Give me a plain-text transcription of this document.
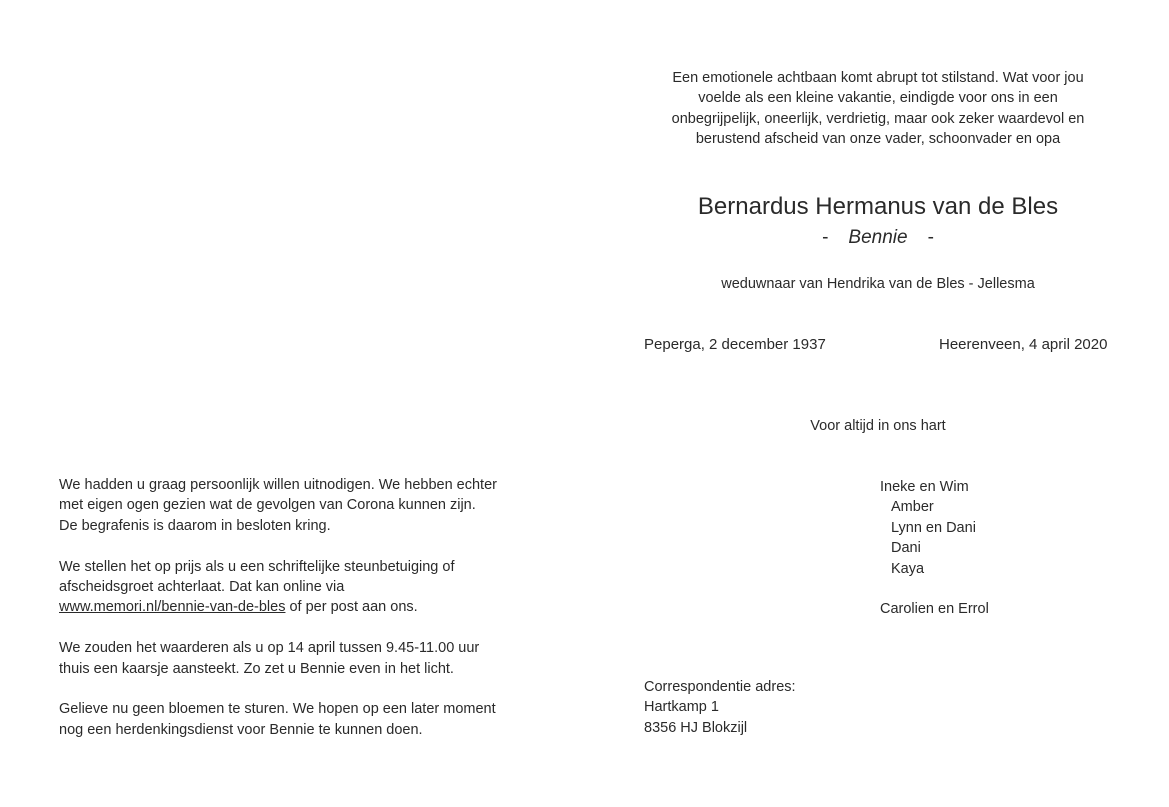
Een emotionele achtbaan komt abrupt tot stilstand. Wat voor jou
voelde als een kleine vakantie, eindigde voor ons in een
onbegrijpelijk, oneerlijk, verdrietig, maar ook zeker waardevol en
berustend afscheid van onze vader, schoonvader en opa
Bernardus Hermanus van de Bles
- Bennie -
weduwnaar van Hendrika van de Bles - Jellesma
Peperga, 2 december 1937	Heerenveen, 4 april 2020
Voor altijd in ons hart
Ineke en Wim
Amber
Lynn en Dani
Dani
Kaya
Carolien en Errol
Correspondentie adres:
Hartkamp 1
8356 HJ Blokzijl
We hadden u graag persoonlijk willen uitnodigen. We hebben echter
met eigen ogen gezien wat de gevolgen van Corona kunnen zijn.
De begrafenis is daarom in besloten kring.
We stellen het op prijs als u een schriftelijke steunbetuiging of
afscheidsgroet achterlaat. Dat kan online via
www.memori.nl/bennie-van-de-bles of per post aan ons.
We zouden het waarderen als u op 14 april tussen 9.45-11.00 uur
thuis een kaarsje aansteekt. Zo zet u Bennie even in het licht.
Gelieve nu geen bloemen te sturen. We hopen op een later moment
nog een herdenkingsdienst voor Bennie te kunnen doen.
